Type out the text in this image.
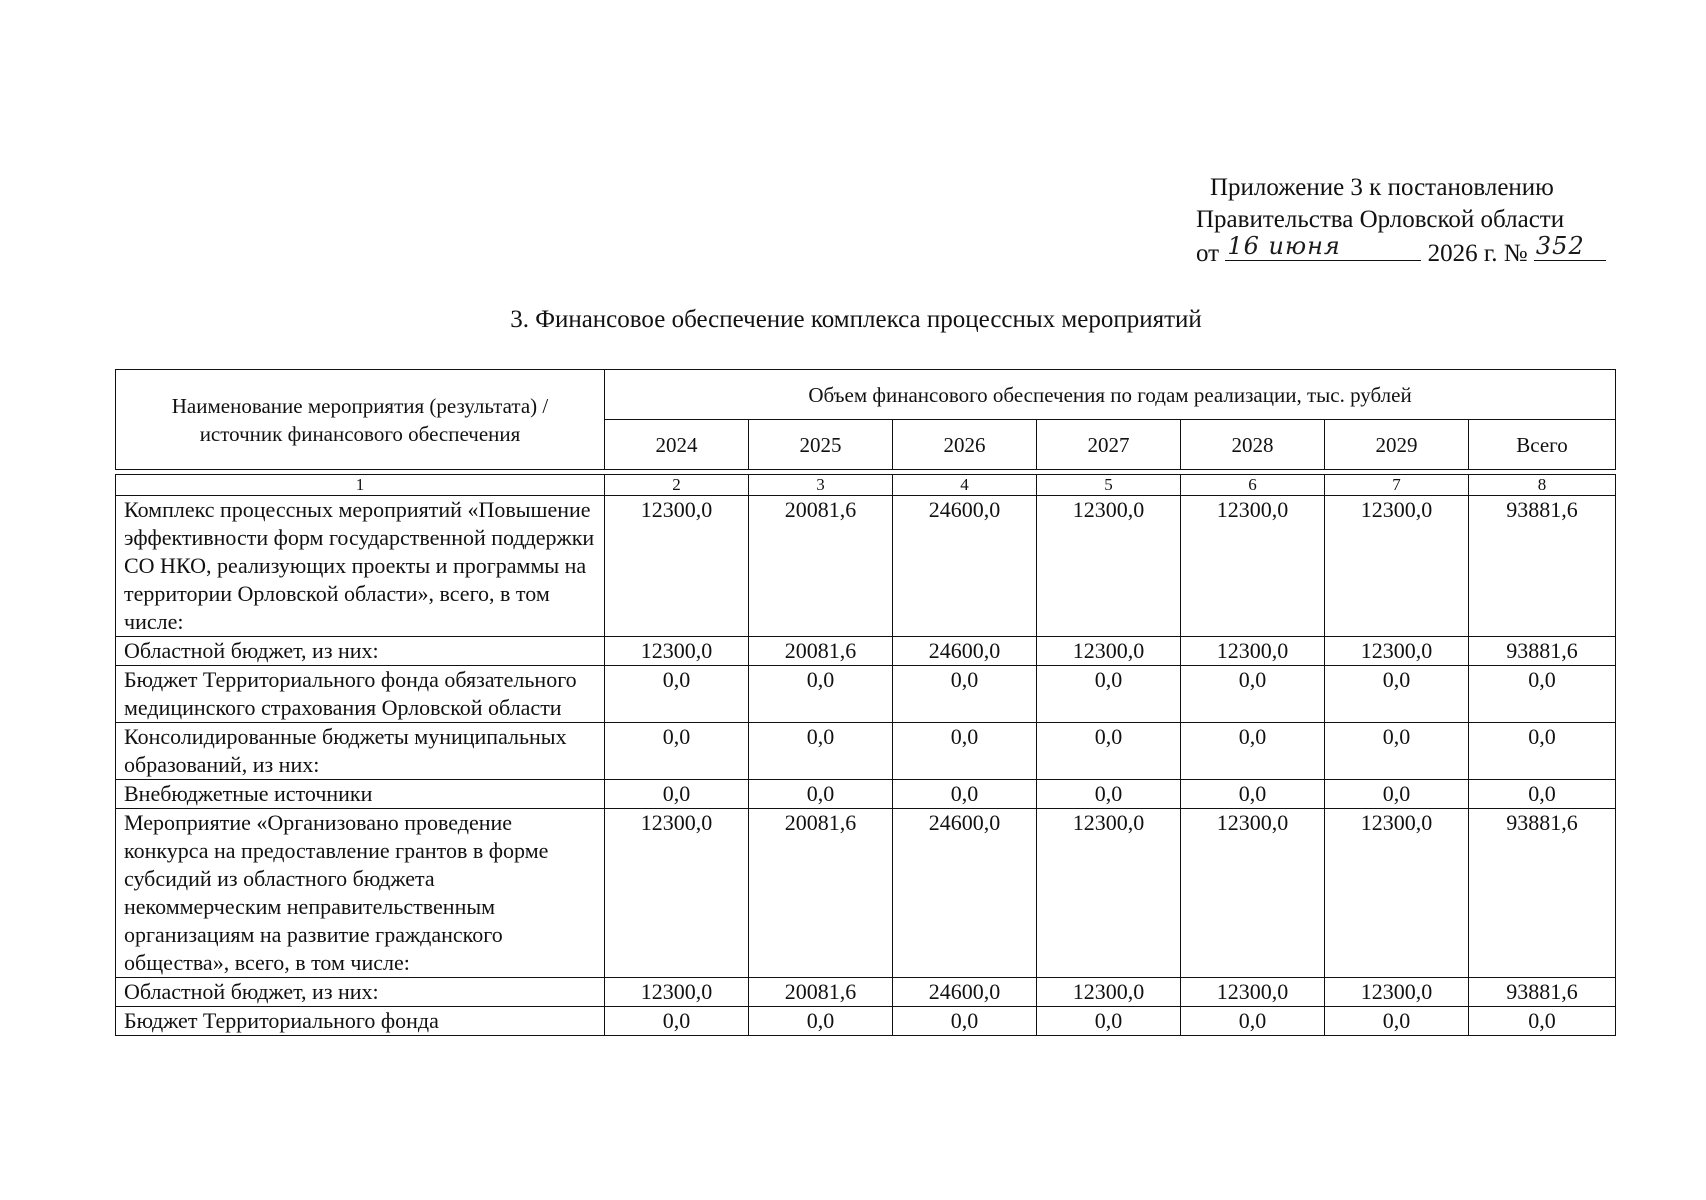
Приложение 3 к постановлению
Правительства Орловской области
от 16 июня	2026 г. № 352
3. Финансовое обеспечение комплекса процессных мероприятий
Наименование мероприятия (результата) / источник финансового обеспечения	Объем финансового обеспечения по годам реализации, тыс. рублей						
	2024	2025	2026	2027	2028	2029	Всего

1	2	3	4	5	6	7	8
Комплекс процессных мероприятий «Повышение эффективности форм государственной поддержки СО НКО, реализующих проекты и программы на территории Орловской области», всего, в том числе:	12300,0	20081,6	24600,0	12300,0	12300,0	12300,0	93881,6
Областной бюджет, из них:	12300,0	20081,6	24600,0	12300,0	12300,0	12300,0	93881,6
Бюджет Территориального фонда обязательного медицинского страхования Орловской области	0,0	0,0	0,0	0,0	0,0	0,0	0,0
Консолидированные бюджеты муниципальных образований, из них:	0,0	0,0	0,0	0,0	0,0	0,0	0,0
Внебюджетные источники	0,0	0,0	0,0	0,0	0,0	0,0	0,0
Мероприятие «Организовано проведение конкурса на предоставление грантов в форме субсидий из областного бюджета некоммерческим неправительственным организациям на развитие гражданского общества», всего, в том числе:	12300,0	20081,6	24600,0	12300,0	12300,0	12300,0	93881,6
Областной бюджет, из них:	12300,0	20081,6	24600,0	12300,0	12300,0	12300,0	93881,6
Бюджет Территориального фонда	0,0	0,0	0,0	0,0	0,0	0,0	0,0
